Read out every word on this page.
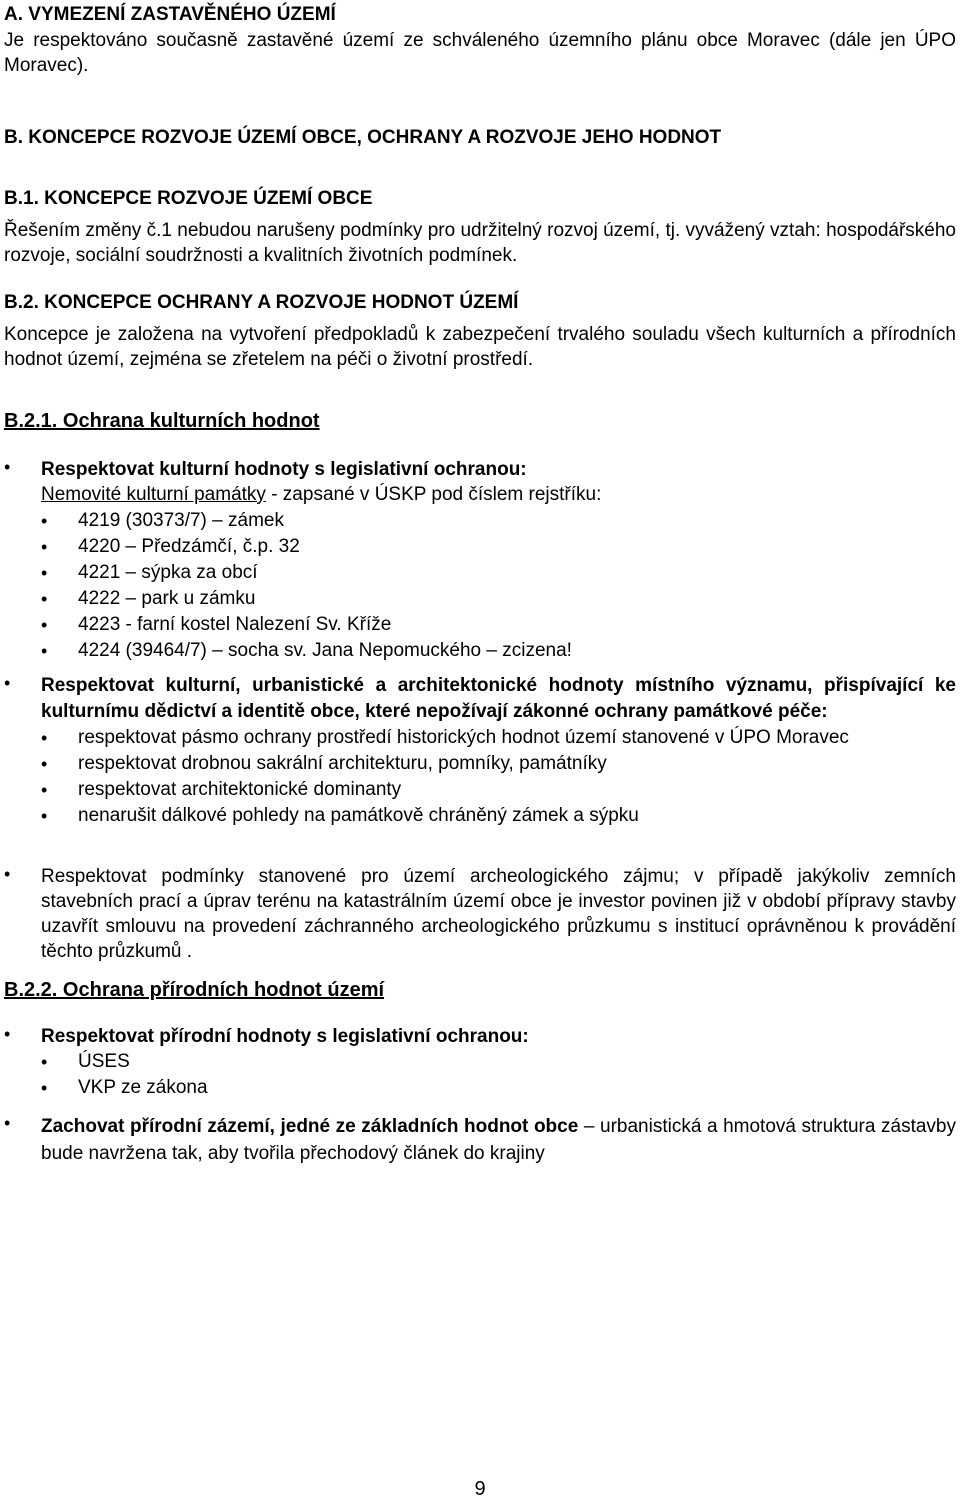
A. VYMEZENÍ ZASTAVĚNÉHO ÚZEMÍ
Je respektováno současně zastavěné území ze schváleného územního plánu obce Moravec (dále jen ÚPO Moravec).
B. KONCEPCE ROZVOJE ÚZEMÍ OBCE, OCHRANY A ROZVOJE JEHO HODNOT
B.1. KONCEPCE ROZVOJE ÚZEMÍ OBCE
Řešením změny č.1 nebudou narušeny podmínky pro udržitelný rozvoj území, tj. vyvážený vztah: hospodářského rozvoje, sociální soudržnosti a kvalitních životních podmínek.
B.2. KONCEPCE OCHRANY A ROZVOJE HODNOT ÚZEMÍ
Koncepce je založena na vytvoření předpokladů k zabezpečení trvalého souladu všech kulturních a přírodních hodnot území, zejména se zřetelem na péči o životní prostředí.
B.2.1. Ochrana kulturních hodnot
• Respektovat kulturní hodnoty s legislativní ochranou:
Nemovité kulturní památky - zapsané v ÚSKP pod číslem rejstříku:
• 4219 (30373/7) – zámek
• 4220 – Předzámčí, č.p. 32
• 4221 – sýpka za obcí
• 4222 – park u zámku
• 4223 - farní kostel Nalezení Sv. Kříže
• 4224 (39464/7) – socha sv. Jana Nepomuckého – zcizena!
• Respektovat kulturní, urbanistické a architektonické hodnoty místního významu, přispívající ke kulturnímu dědictví a identitě obce, které nepožívají zákonné ochrany památkové péče:
• respektovat pásmo ochrany prostředí historických hodnot území stanovené v ÚPO Moravec
• respektovat drobnou sakrální architekturu, pomníky, památníky
• respektovat architektonické dominanty
• nenarušit dálkové pohledy na památkově chráněný zámek a sýpku
• Respektovat podmínky stanovené pro území archeologického zájmu; v případě jakýkoliv zemních stavebních prací a úprav terénu na katastrálním území obce je investor povinen již v období přípravy stavby uzavřít smlouvu na provedení záchranného archeologického průzkumu s institucí oprávněnou k provádění těchto průzkumů .
B.2.2. Ochrana přírodních hodnot území
• Respektovat přírodní hodnoty s legislativní ochranou:
• ÚSES
• VKP ze zákona
• Zachovat přírodní zázemí, jedné ze základních hodnot obce – urbanistická a hmotová struktura zástavby bude navržena tak, aby tvořila přechodový článek do krajiny
9
